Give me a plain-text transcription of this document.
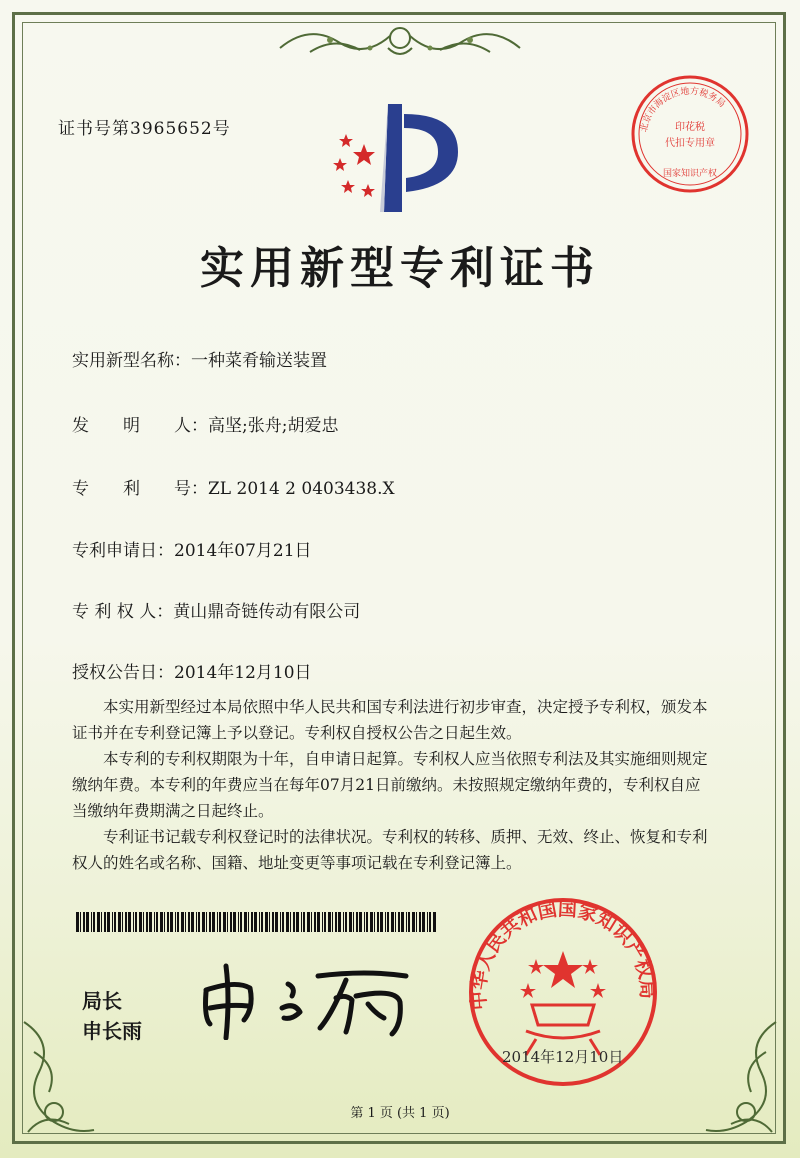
证书号第3965652号	北京市海淀区地方税务局
印花税
代扣专用章
国家知识产权
实用新型专利证书
实用新型名称：一种菜肴输送装置
发　　明　　人：高坚;张舟;胡爱忠
专　　利　　号：ZL 2014 2 0403438.X
专利申请日：2014年07月21日
专 利 权 人：黄山鼎奇链传动有限公司
授权公告日：2014年12月10日

本实用新型经过本局依照中华人民共和国专利法进行初步审查，决定授予专利权，颁发本证书并在专利登记簿上予以登记。专利权自授权公告之日起生效。

本专利的专利权期限为十年，自申请日起算。专利权人应当依照专利法及其实施细则规定缴纳年费。本专利的年费应当在每年07月21日前缴纳。未按照规定缴纳年费的，专利权自应当缴纳年费期满之日起终止。

专利证书记载专利权登记时的法律状况。专利权的转移、质押、无效、终止、恢复和专利权人的姓名或名称、国籍、地址变更等事项记载在专利登记簿上。

局长
申长雨
中华人民共和国国家知识产权局
2014年12月10日
第 1 页 (共 1 页)
